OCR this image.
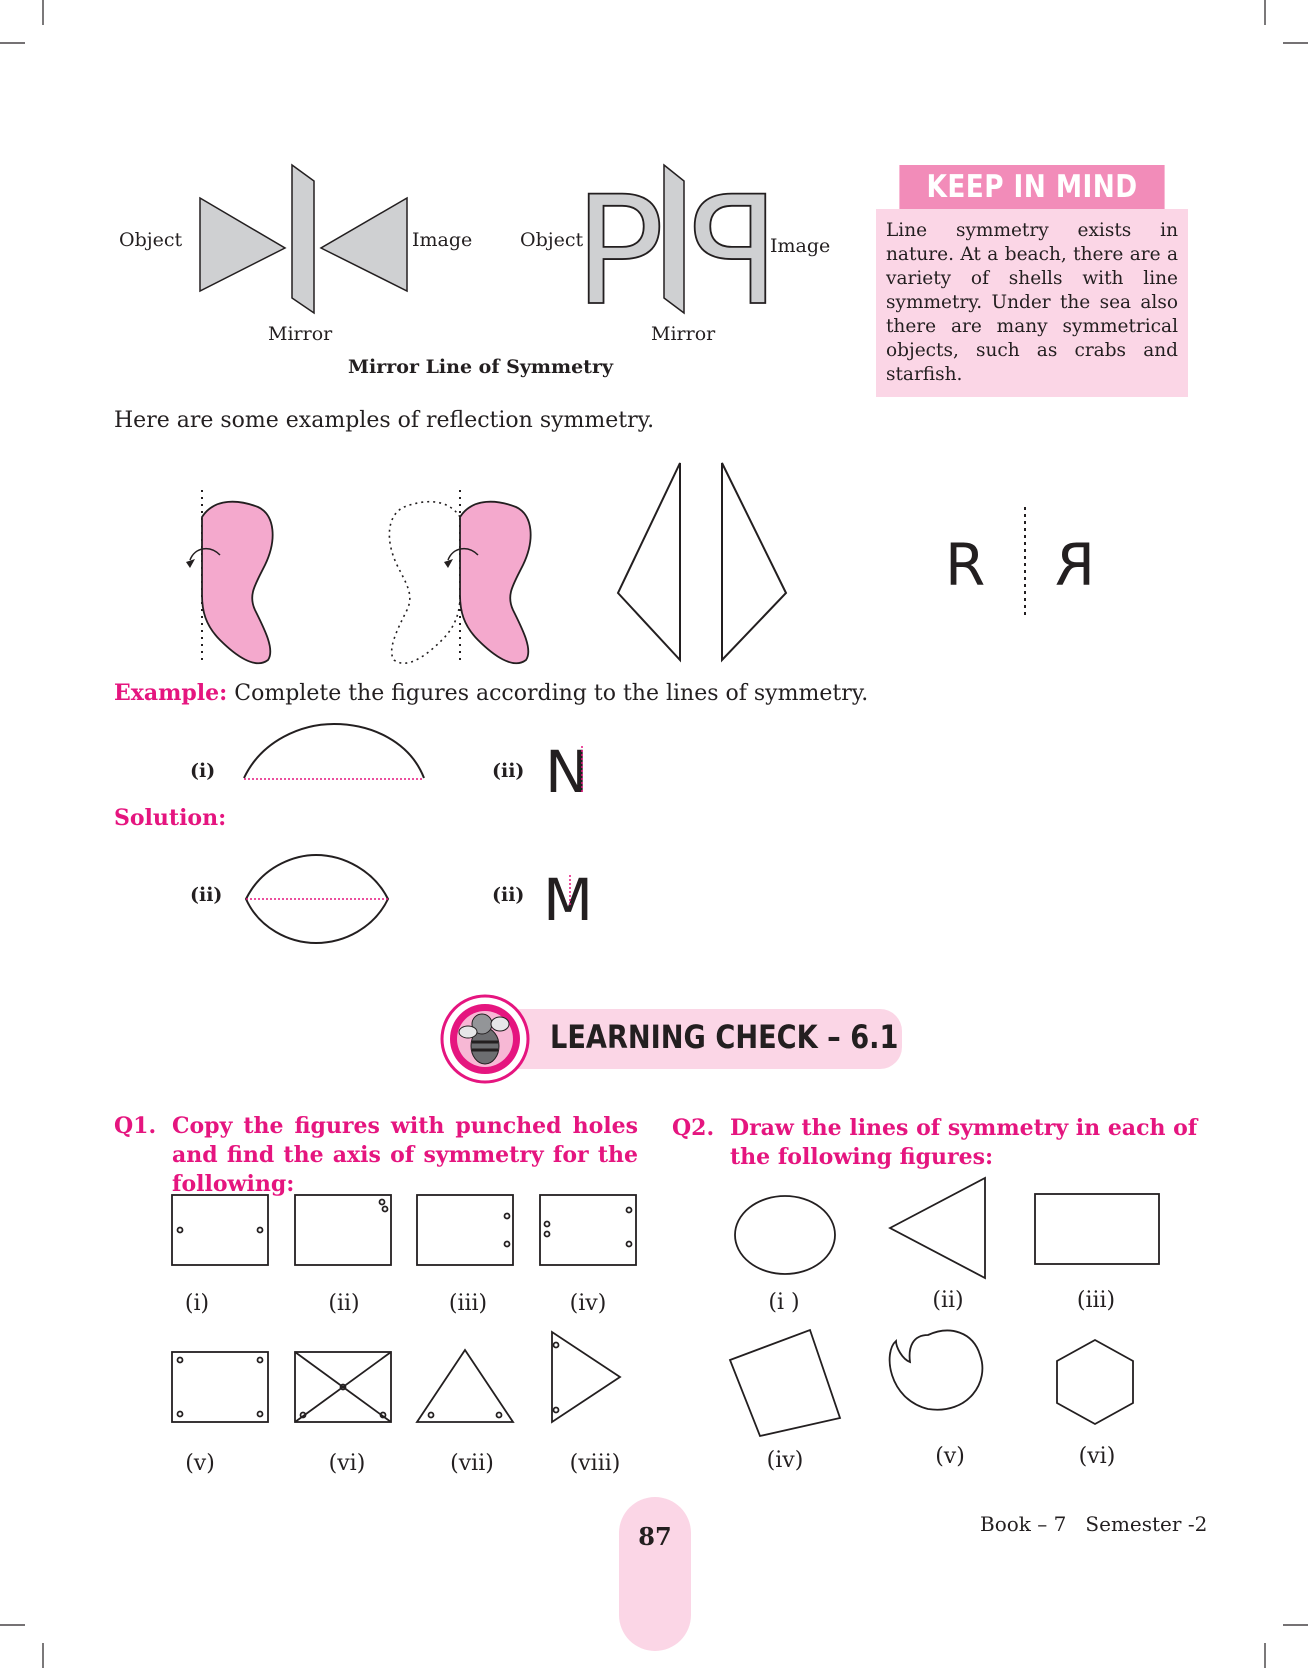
Object	Image
Mirror
Object
P P
Image
Mirror
Mirror Line of Symmetry
KEEP IN MIND
Line symmetry exists in nature. At a beach, there are a variety of shells with line symmetry. Under the sea also there are many symmetrical objects, such as crabs and starfish.
Here are some examples of reflection symmetry.
R R
Example: Complete the figures according to the lines of symmetry.
(i)	(ii) N
Solution:
(ii)	(ii) M
LEARNING CHECK – 6.1
Q1. Copy the figures with punched holes and find the axis of symmetry for the following:
(i)	(ii)	(iii)	(iv)
(v)	(vi)	(vii)	(viii)
Q2. Draw the lines of symmetry in each of the following figures:
(i )	(ii)	(iii)
(iv)	(v)	(vi)
87	Book – 7 Semester -2
